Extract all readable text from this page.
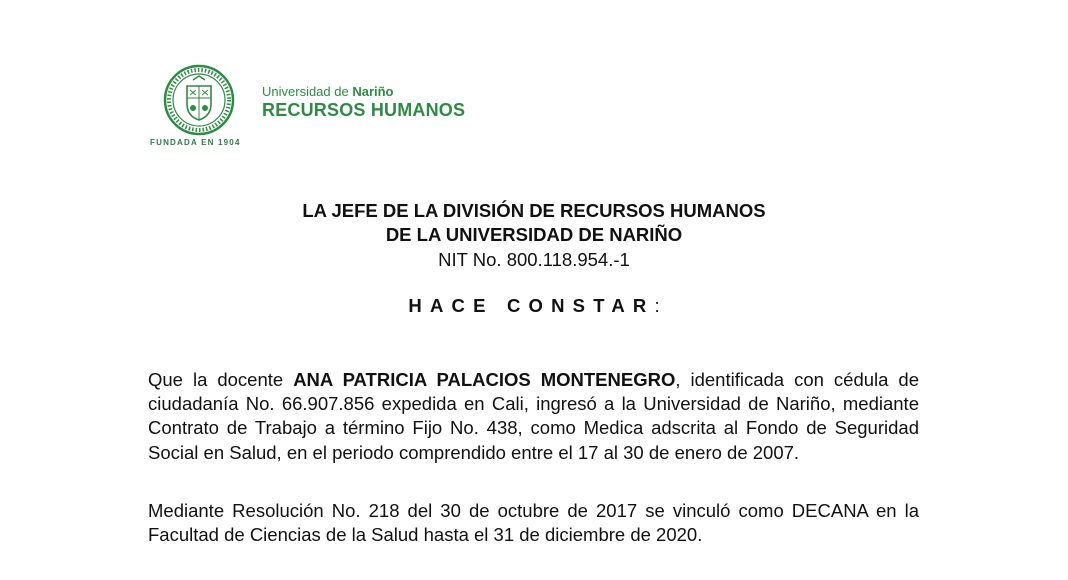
FUNDADA EN 1904
Universidad de Nariño
RECURSOS HUMANOS
LA JEFE DE LA DIVISIÓN DE RECURSOS HUMANOS
DE LA UNIVERSIDAD DE NARIÑO
NIT No. 800.118.954.-1
HACE CONSTAR:
Que la docente ANA PATRICIA PALACIOS MONTENEGRO, identificada con cédula de ciudadanía No. 66.907.856 expedida en Cali, ingresó a la Universidad de Nariño, mediante Contrato de Trabajo a término Fijo No. 438, como Medica adscrita al Fondo de Seguridad Social en Salud, en el periodo comprendido entre el 17 al 30 de enero de 2007.
Mediante Resolución No. 218 del 30 de octubre de 2017 se vinculó como DECANA en la Facultad de Ciencias de la Salud hasta el 31 de diciembre de 2020.
